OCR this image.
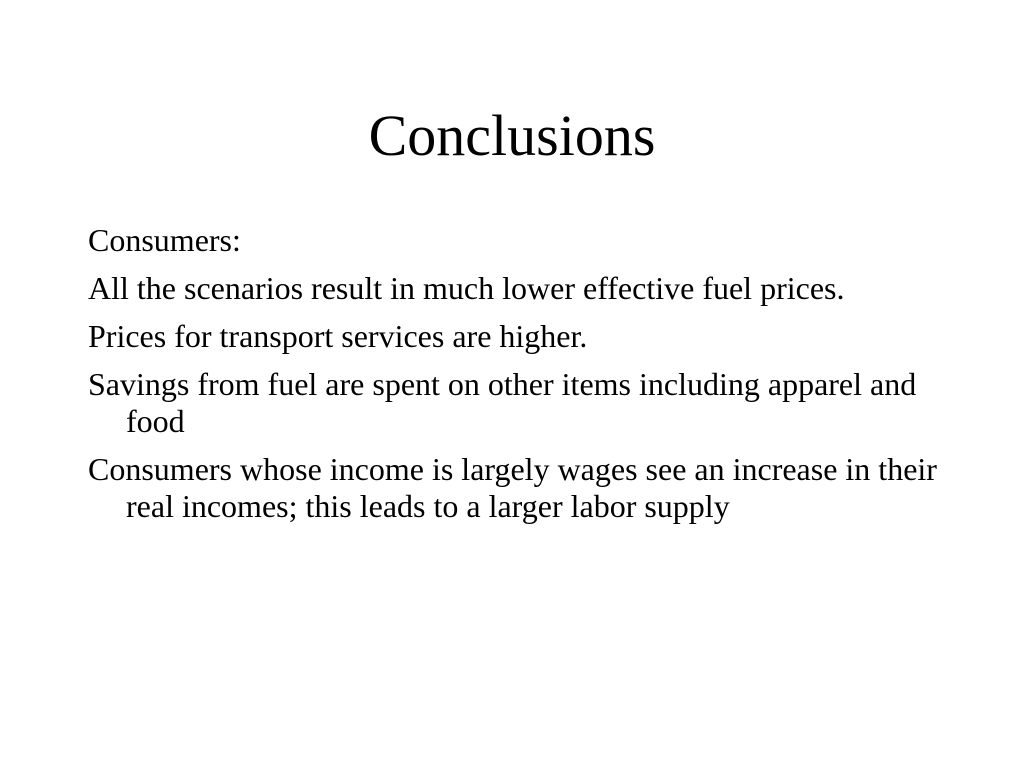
Conclusions
Consumers:
All the scenarios result in much lower effective fuel prices.
Prices for transport services are higher.
Savings from fuel are spent on other items including apparel and food
Consumers whose income is largely wages see an increase in their real incomes; this leads to a larger labor supply
